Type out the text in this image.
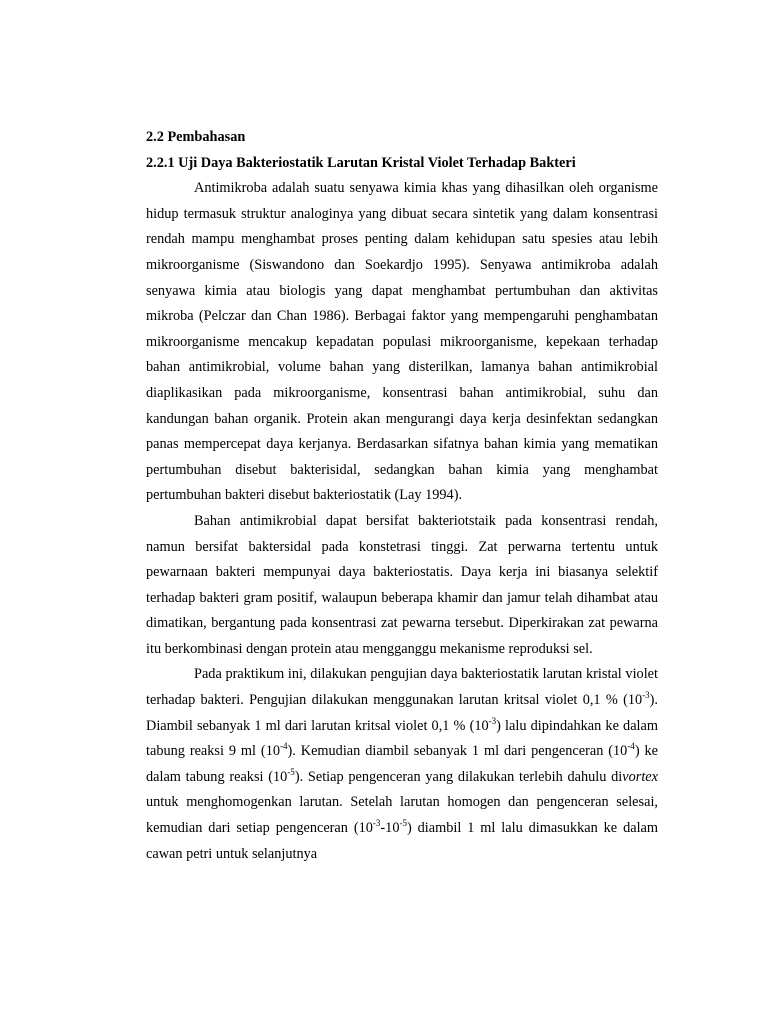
2.2 Pembahasan

2.2.1 Uji Daya Bakteriostatik Larutan Kristal Violet Terhadap Bakteri

Antimikroba adalah suatu senyawa kimia khas yang dihasilkan oleh organisme hidup termasuk struktur analoginya yang dibuat secara sintetik yang dalam konsentrasi rendah mampu menghambat proses penting dalam kehidupan satu spesies atau lebih mikroorganisme (Siswandono dan Soekardjo 1995). Senyawa antimikroba adalah senyawa kimia atau biologis yang dapat menghambat pertumbuhan dan aktivitas mikroba (Pelczar dan Chan 1986). Berbagai faktor yang mempengaruhi penghambatan mikroorganisme mencakup kepadatan populasi mikroorganisme, kepekaan terhadap bahan antimikrobial, volume bahan yang disterilkan, lamanya bahan antimikrobial diaplikasikan pada mikroorganisme, konsentrasi bahan antimikrobial, suhu dan kandungan bahan organik. Protein akan mengurangi daya kerja desinfektan sedangkan panas mempercepat daya kerjanya. Berdasarkan sifatnya bahan kimia yang mematikan pertumbuhan disebut bakterisidal, sedangkan bahan kimia yang menghambat pertumbuhan bakteri disebut bakteriostatik (Lay 1994).

Bahan antimikrobial dapat bersifat bakteriotstaik pada konsentrasi rendah, namun bersifat baktersidal pada konstetrasi tinggi. Zat perwarna tertentu untuk pewarnaan bakteri mempunyai daya bakteriostatis. Daya kerja ini biasanya selektif terhadap bakteri gram positif, walaupun beberapa khamir dan jamur telah dihambat atau dimatikan, bergantung pada konsentrasi zat pewarna tersebut. Diperkirakan zat pewarna itu berkombinasi dengan protein atau mengganggu mekanisme reproduksi sel.

Pada praktikum ini, dilakukan pengujian daya bakteriostatik larutan kristal violet terhadap bakteri. Pengujian dilakukan menggunakan larutan kritsal violet 0,1 % $(10^{-3})$. Diambil sebanyak 1 ml dari larutan kritsal violet 0,1 % $(10^{-3})$ lalu dipindahkan ke dalam tabung reaksi 9 ml $(10^{-4})$. Kemudian diambil sebanyak 1 ml dari pengenceran $(10^{-4})$ ke dalam tabung reaksi $(10^{-5})$. Setiap pengenceran yang dilakukan terlebih dahulu divortex untuk menghomogenkan larutan. Setelah larutan homogen dan pengenceran selesai, kemudian dari setiap pengenceran $(10^{-3}-10^{-5})$ diambil 1 ml lalu dimasukkan ke dalam cawan petri untuk selanjutnya
